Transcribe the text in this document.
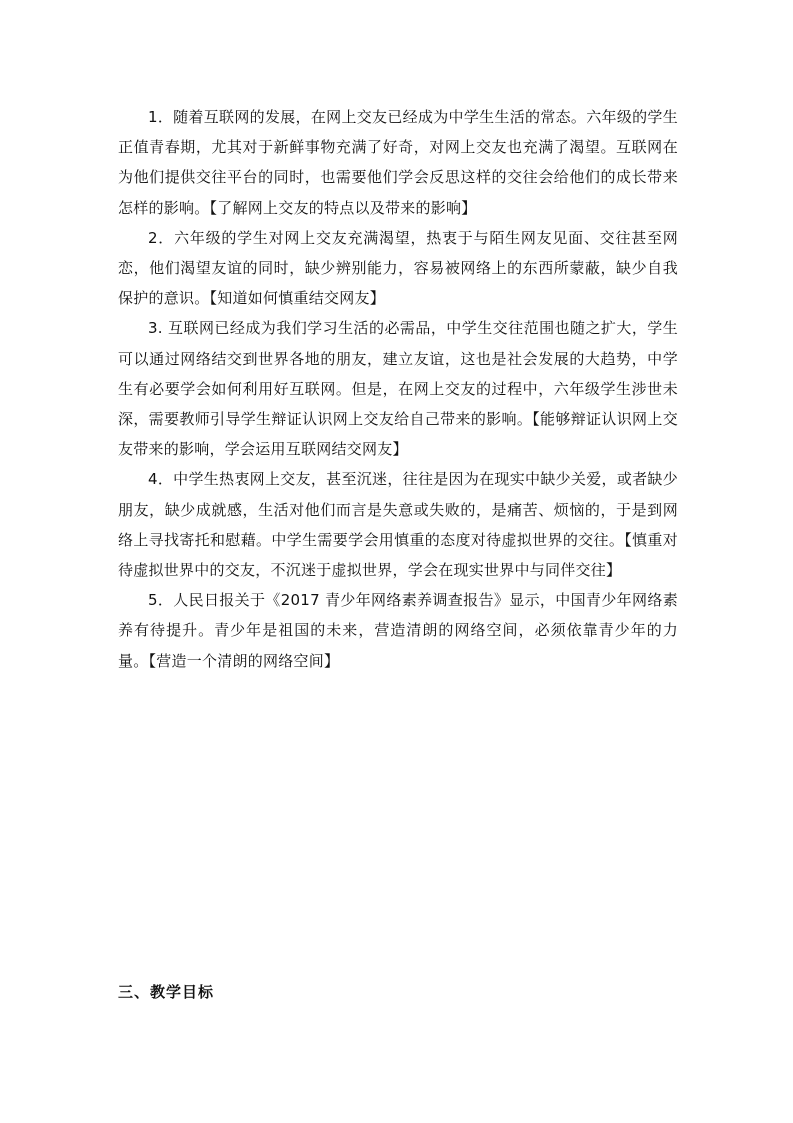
1．随着互联网的发展，在网上交友已经成为中学生生活的常态。六年级的学生正值青春期，尤其对于新鲜事物充满了好奇，对网上交友也充满了渴望。互联网在为他们提供交往平台的同时，也需要他们学会反思这样的交往会给他们的成长带来怎样的影响。【了解网上交友的特点以及带来的影响】

2．六年级的学生对网上交友充满渴望，热衷于与陌生网友见面、交往甚至网恋，他们渴望友谊的同时，缺少辨别能力，容易被网络上的东西所蒙蔽，缺少自我保护的意识。【知道如何慎重结交网友】

3. 互联网已经成为我们学习生活的必需品，中学生交往范围也随之扩大，学生可以通过网络结交到世界各地的朋友，建立友谊，这也是社会发展的大趋势，中学生有必要学会如何利用好互联网。但是，在网上交友的过程中，六年级学生涉世未深，需要教师引导学生辩证认识网上交友给自己带来的影响。【能够辩证认识网上交友带来的影响，学会运用互联网结交网友】

4．中学生热衷网上交友，甚至沉迷，往往是因为在现实中缺少关爱，或者缺少朋友，缺少成就感，生活对他们而言是失意或失败的，是痛苦、烦恼的，于是到网络上寻找寄托和慰藉。中学生需要学会用慎重的态度对待虚拟世界的交往。【慎重对待虚拟世界中的交友，不沉迷于虚拟世界，学会在现实世界中与同伴交往】

5．人民日报关于《2017 青少年网络素养调查报告》显示，中国青少年网络素养有待提升。青少年是祖国的未来，营造清朗的网络空间，必须依靠青少年的力量。【营造一个清朗的网络空间】

三、教学目标
